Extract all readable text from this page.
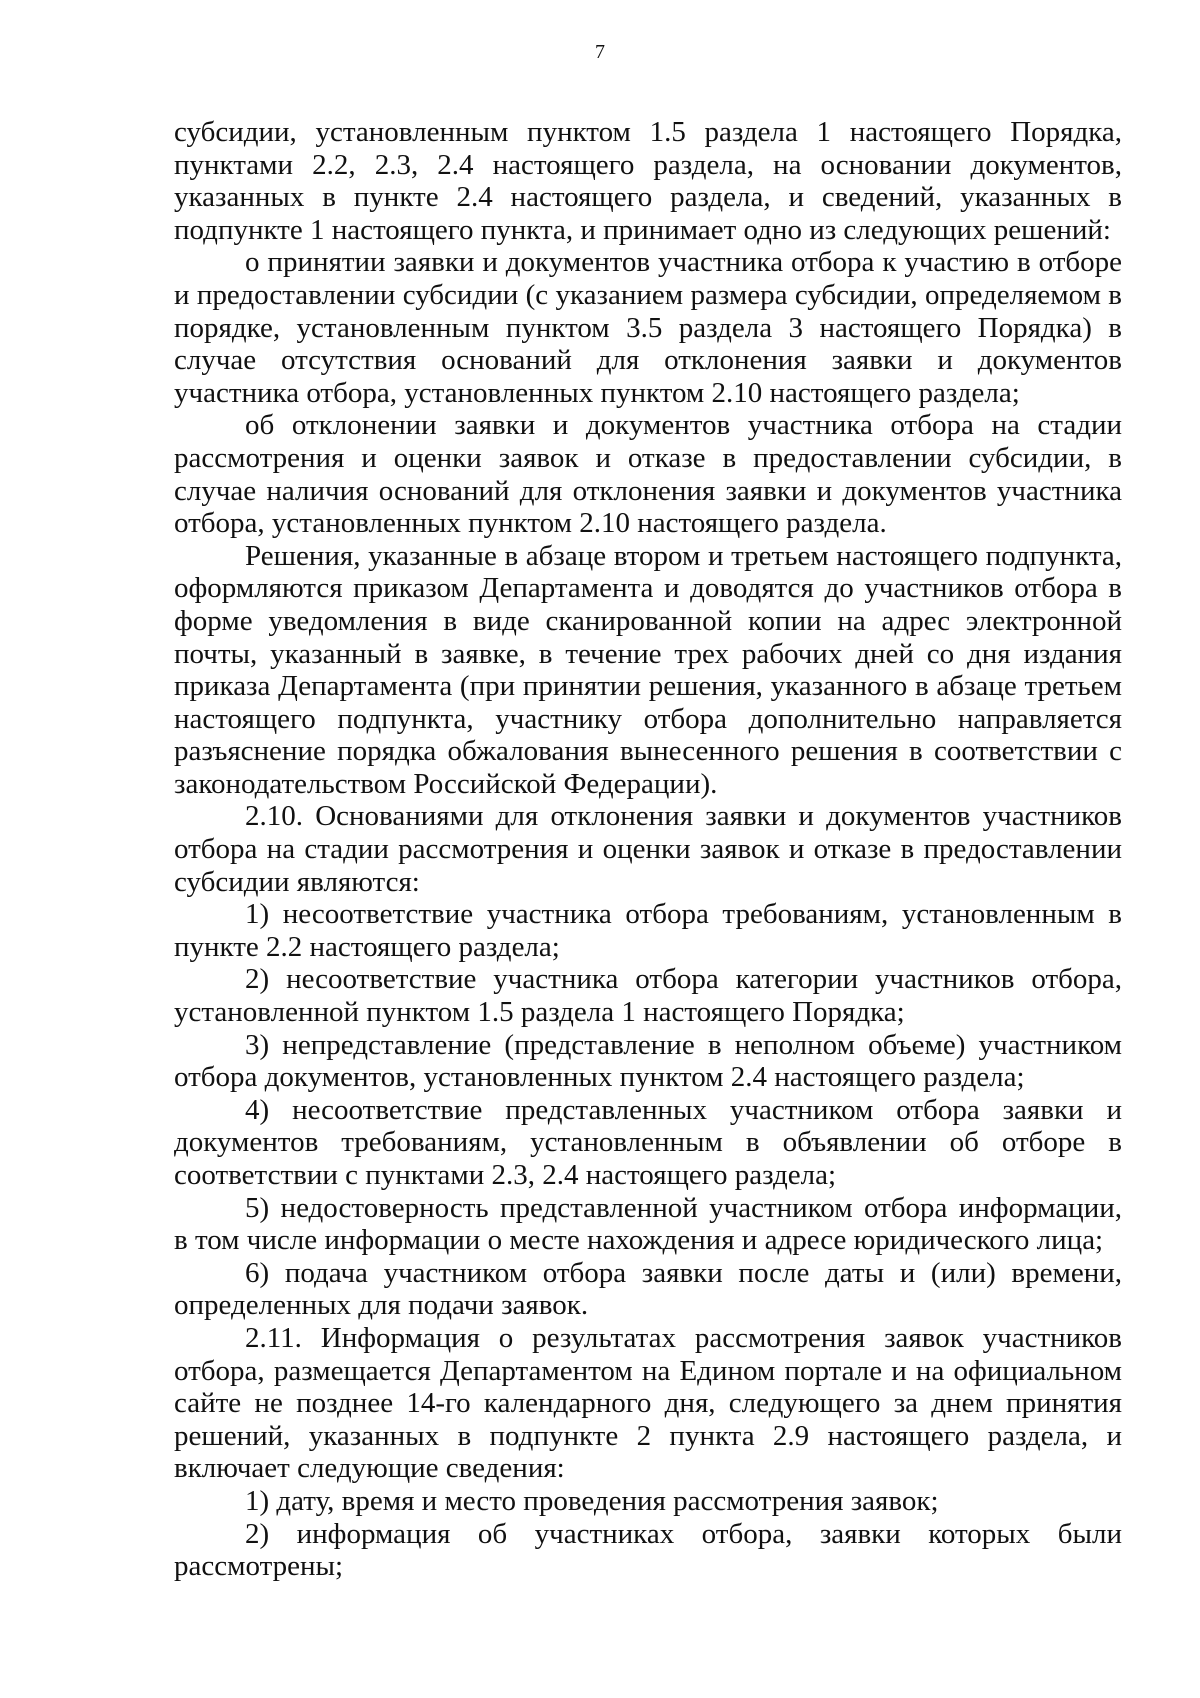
7

субсидии, установленным пунктом 1.5 раздела 1 настоящего Порядка, пунктами 2.2, 2.3, 2.4 настоящего раздела, на основании документов, указанных в пункте 2.4 настоящего раздела, и сведений, указанных в подпункте 1 настоящего пункта, и принимает одно из следующих решений:

о принятии заявки и документов участника отбора к участию в отборе и предоставлении субсидии (с указанием размера субсидии, определяемом в порядке, установленным пунктом 3.5 раздела 3 настоящего Порядка) в случае отсутствия оснований для отклонения заявки и документов участника отбора, установленных пунктом 2.10 настоящего раздела;

об отклонении заявки и документов участника отбора на стадии рассмотрения и оценки заявок и отказе в предоставлении субсидии, в случае наличия оснований для отклонения заявки и документов участника отбора, установленных пунктом 2.10 настоящего раздела.

Решения, указанные в абзаце втором и третьем настоящего подпункта, оформляются приказом Департамента и доводятся до участников отбора в форме уведомления в виде сканированной копии на адрес электронной почты, указанный в заявке, в течение трех рабочих дней со дня издания приказа Департамента (при принятии решения, указанного в абзаце третьем настоящего подпункта, участнику отбора дополнительно направляется разъяснение порядка обжалования вынесенного решения в соответствии с законодательством Российской Федерации).

2.10. Основаниями для отклонения заявки и документов участников отбора на стадии рассмотрения и оценки заявок и отказе в предоставлении субсидии являются:

1) несоответствие участника отбора требованиям, установленным в пункте 2.2 настоящего раздела;

2) несоответствие участника отбора категории участников отбора, установленной пунктом 1.5 раздела 1 настоящего Порядка;

3) непредставление (представление в неполном объеме) участником отбора документов, установленных пунктом 2.4 настоящего раздела;

4) несоответствие представленных участником отбора заявки и документов требованиям, установленным в объявлении об отборе в соответствии с пунктами 2.3, 2.4 настоящего раздела;

5) недостоверность представленной участником отбора информации, в том числе информации о месте нахождения и адресе юридического лица;

6) подача участником отбора заявки после даты и (или) времени, определенных для подачи заявок.

2.11. Информация о результатах рассмотрения заявок участников отбора, размещается Департаментом на Едином портале и на официальном сайте не позднее 14-го календарного дня, следующего за днем принятия решений, указанных в подпункте 2 пункта 2.9 настоящего раздела, и включает следующие сведения:

1) дату, время и место проведения рассмотрения заявок;

2) информация об участниках отбора, заявки которых были рассмотрены;
